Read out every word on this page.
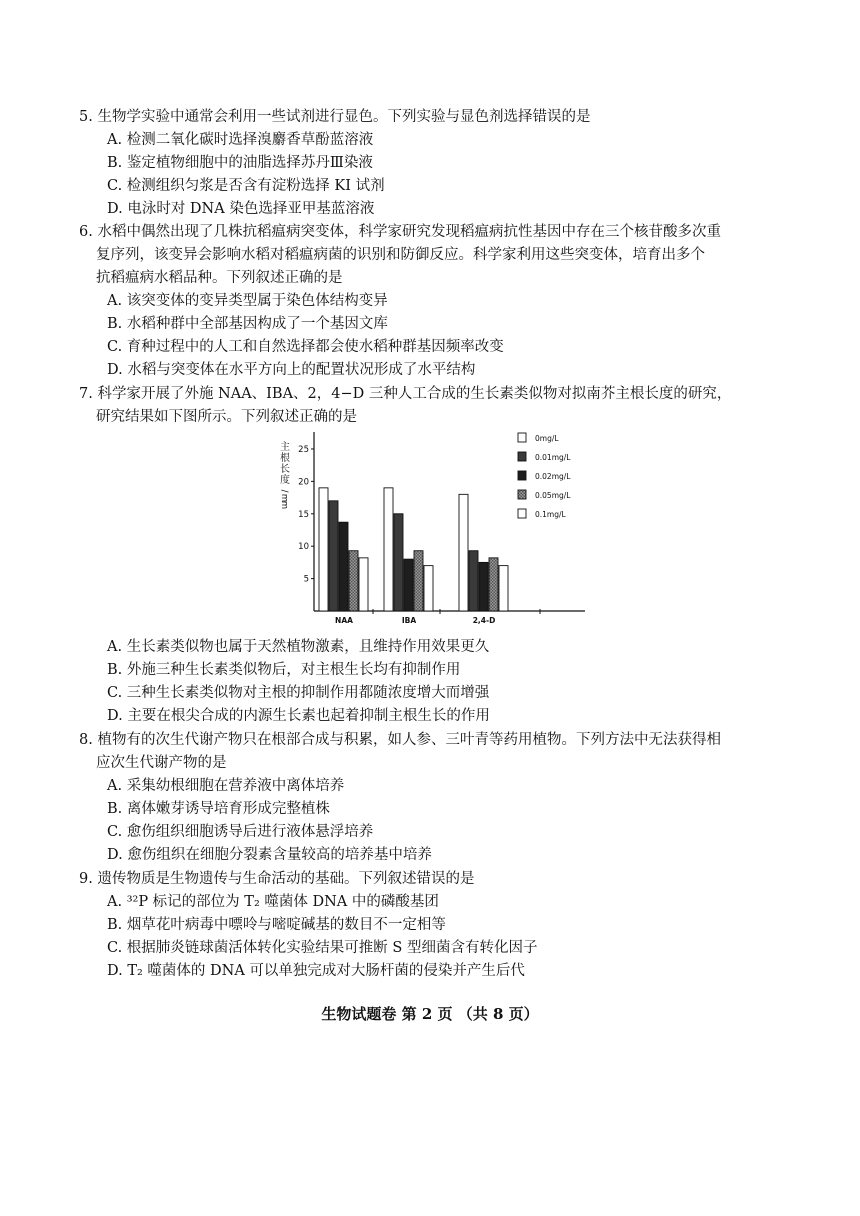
5. 生物学实验中通常会利用一些试剂进行显色。下列实验与显色剂选择错误的是
A. 检测二氧化碳时选择溴麝香草酚蓝溶液
B. 鉴定植物细胞中的油脂选择苏丹Ⅲ染液
C. 检测组织匀浆是否含有淀粉选择 KI 试剂
D. 电泳时对 DNA 染色选择亚甲基蓝溶液
6. 水稻中偶然出现了几株抗稻瘟病突变体，科学家研究发现稻瘟病抗性基因中存在三个核苷酸多次重
复序列，该变异会影响水稻对稻瘟病菌的识别和防御反应。科学家利用这些突变体，培育出多个
抗稻瘟病水稻品种。下列叙述正确的是
A. 该突变体的变异类型属于染色体结构变异
B. 水稻种群中全部基因构成了一个基因文库
C. 育种过程中的人工和自然选择都会使水稻种群基因频率改变
D. 水稻与突变体在水平方向上的配置状况形成了水平结构
7. 科学家开展了外施 NAA、IBA、2，4−D 三种人工合成的生长素类似物对拟南芥主根长度的研究，
研究结果如下图所示。下列叙述正确的是
5
10
15
20
25
主
根
长
度
/
m
m
NAA	IBA	2,4-D
0mg/L
0.01mg/L
0.02mg/L
0.05mg/L
0.1mg/L
A. 生长素类似物也属于天然植物激素，且维持作用效果更久
B. 外施三种生长素类似物后，对主根生长均有抑制作用
C. 三种生长素类似物对主根的抑制作用都随浓度增大而增强
D. 主要在根尖合成的内源生长素也起着抑制主根生长的作用
8. 植物有的次生代谢产物只在根部合成与积累，如人参、三叶青等药用植物。下列方法中无法获得相
应次生代谢产物的是
A. 采集幼根细胞在营养液中离体培养
B. 离体嫩芽诱导培育形成完整植株
C. 愈伤组织细胞诱导后进行液体悬浮培养
D. 愈伤组织在细胞分裂素含量较高的培养基中培养
9. 遗传物质是生物遗传与生命活动的基础。下列叙述错误的是
A. ³²P 标记的部位为 T₂ 噬菌体 DNA 中的磷酸基团
B. 烟草花叶病毒中嘌呤与嘧啶碱基的数目不一定相等
C. 根据肺炎链球菌活体转化实验结果可推断 S 型细菌含有转化因子
D. T₂ 噬菌体的 DNA 可以单独完成对大肠杆菌的侵染并产生后代
生物试题卷 第 2 页 （共 8 页）
